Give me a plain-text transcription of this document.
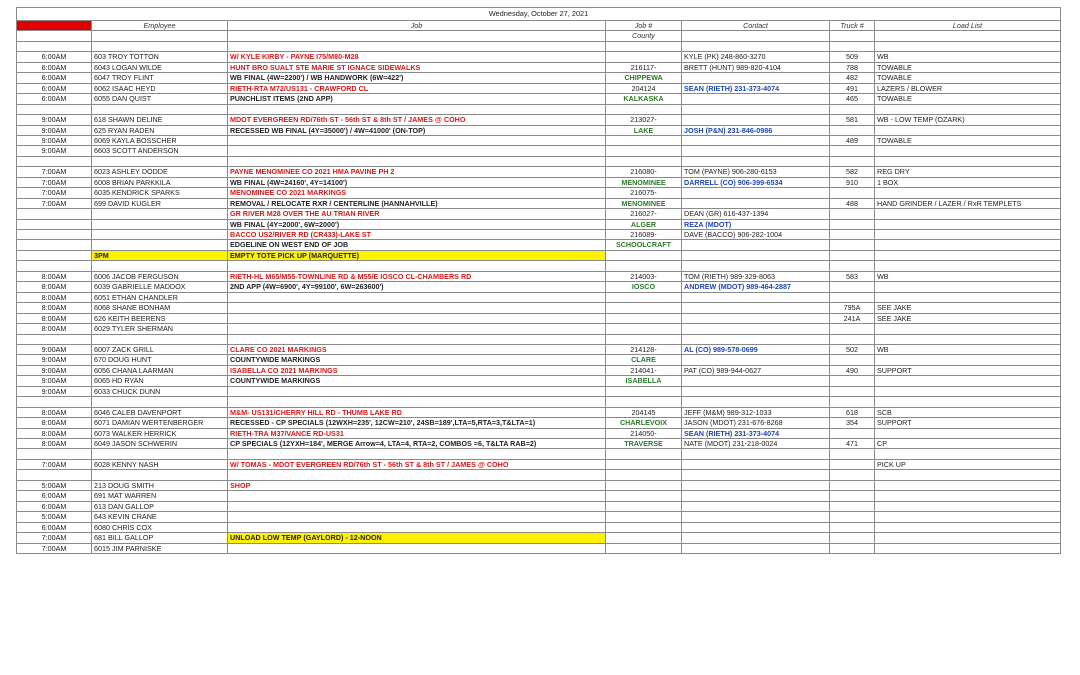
Wednesday, October 27, 2021						
Time	Employee	Job	Job #	Contact	Truck #	Load List
			County			

6:00AM	603 TROY TOTTON	W/ KYLE KIRBY - PAYNE I75/M80-M28		KYLE (PK) 248-860-3270	509	WB
6:00AM	6043 LOGAN WILDE	HUNT BRO SUALT STE MARIE ST IGNACE SIDEWALKS	216117-	BRETT (HUNT) 989-820-4104	788	TOWABLE
6:00AM	6047 TROY FLINT	WB FINAL (4W=2200') / WB HANDWORK (6W=422')	CHIPPEWA		482	TOWABLE
6:00AM	6062 ISAAC HEYD	RIETH-RTA M72/US131 - CRAWFORD CL	204124	SEAN (RIETH) 231-373-4074	491	LAZERS / BLOWER
6:00AM	6055 DAN QUIST	PUNCHLIST ITEMS (2ND APP)	KALKASKA		465	TOWABLE

9:00AM	618 SHAWN DELINE	MDOT EVERGREEN RD/76th ST - 56th ST & 8th ST / JAMES @ COHO	213027-		581	WB - LOW TEMP (OZARK)
9:00AM	625 RYAN RADEN	RECESSED WB FINAL (4Y=35000') / 4W=41000' (ON-TOP)	LAKE	JOSH (P&N) 231-846-0986		
9:00AM	6069 KAYLA BOSSCHER				489	TOWABLE
9:00AM	6603 SCOTT ANDERSON					

7:00AM	6023 ASHLEY DODDE	PAYNE MENOMINEE CO 2021 HMA PAVINE PH 2	216080-	TOM (PAYNE) 906-280-6153	582	REG DRY
7:00AM	6008 BRIAN PARKKILA	WB FINAL (4W=24160', 4Y=14100')	MENOMINEE	DARRELL (CO) 906-399-6534	910	1 BOX
7:00AM	6035 KENDRICK SPARKS	MENOMINEE CO 2021 MARKINGS	216075-			
7:00AM	699 DAVID KUGLER	REMOVAL / RELOCATE RXR / CENTERLINE (HANNAHVILLE)	MENOMINEE		488	HAND GRINDER / LAZER / RxR TEMPLETS
		GR RIVER M28 OVER THE AU TRIAN RIVER	216027-	DEAN (GR) 616-437-1394		
		WB FINAL (4Y=2000', 6W=2000')	ALGER	REZA (MDOT)		
		BACCO US2/RIVER RD (CR433)-LAKE ST	216089-	DAVE (BACCO) 906-282-1004		
		EDGELINE ON WEST END OF JOB	SCHOOLCRAFT			
	3PM	EMPTY TOTE PICK UP (MARQUETTE)				

8:00AM	6006 JACOB FERGUSON	RIETH-HL M65/M55-TOWNLINE RD & M55/E IOSCO CL-CHAMBERS RD	214003-	TOM (RIETH) 989-329-8063	583	WB
8:00AM	6039 GABRIELLE MADDOX	2ND APP (4W=6900', 4Y=99100', 6W=263600')	IOSCO	ANDREW (MDOT) 989-464-2887		
8:00AM	6051 ETHAN CHANDLER					
8:00AM	6068 SHANE BONHAM				795A	SEE JAKE
8:00AM	626 KEITH BEERENS				241A	SEE JAKE
8:00AM	6029 TYLER SHERMAN					

9:00AM	6007 ZACK GRILL	CLARE CO 2021 MARKINGS	214128-	AL (CO) 989-578-0699	502	WB
9:00AM	670 DOUG HUNT	COUNTYWIDE MARKINGS	CLARE			
9:00AM	6056 CHANA LAARMAN	ISABELLA CO 2021 MARKINGS	214041-	PAT (CO) 989-944-0627	490	SUPPORT
9:00AM	6065 HD RYAN	COUNTYWIDE MARKINGS	ISABELLA			
9:00AM	6033 CHUCK DUNN					

8:00AM	6046 CALEB DAVENPORT	M&M- US131/CHERRY HILL RD - THUMB LAKE RD	204145	JEFF (M&M) 989-312-1033	618	SCB
8:00AM	6071 DAMIAN WERTENBERGER	RECESSED - CP SPECIALS (12WXH=235', 12CW=210', 24SB=189',LTA=5,RTA=3,T&LTA=1)	CHARLEVOIX	JASON (MDOT) 231-676-8268	354	SUPPORT
8:00AM	6073 WALKER HERRICK	RIETH-TRA M37/VANCE RD-US31	214050-	SEAN (RIETH) 231-373-4074		
8:00AM	6049 JASON SCHWERIN	CP SPECIALS (12YXH=184', MERGE Arrow=4, LTA=4, RTA=2, COMBOS =6, T&LTA RAB=2)	TRAVERSE	NATE (MDOT) 231-218-0024	471	CP

7:00AM	6028 KENNY NASH	W/ TOMAS - MDOT EVERGREEN RD/76th ST - 56th ST & 8th ST / JAMES @ COHO				PICK UP

5:00AM	213 DOUG SMITH	SHOP				
6:00AM	691 MAT WARREN					
6:00AM	613 DAN GALLOP					
5:00AM	643 KEVIN CRANE					
6:00AM	6080 CHRIS COX					
7:00AM	681 BILL GALLOP	UNLOAD LOW TEMP (GAYLORD) - 12-NOON				
7:00AM	6015 JIM PARNISKE					
